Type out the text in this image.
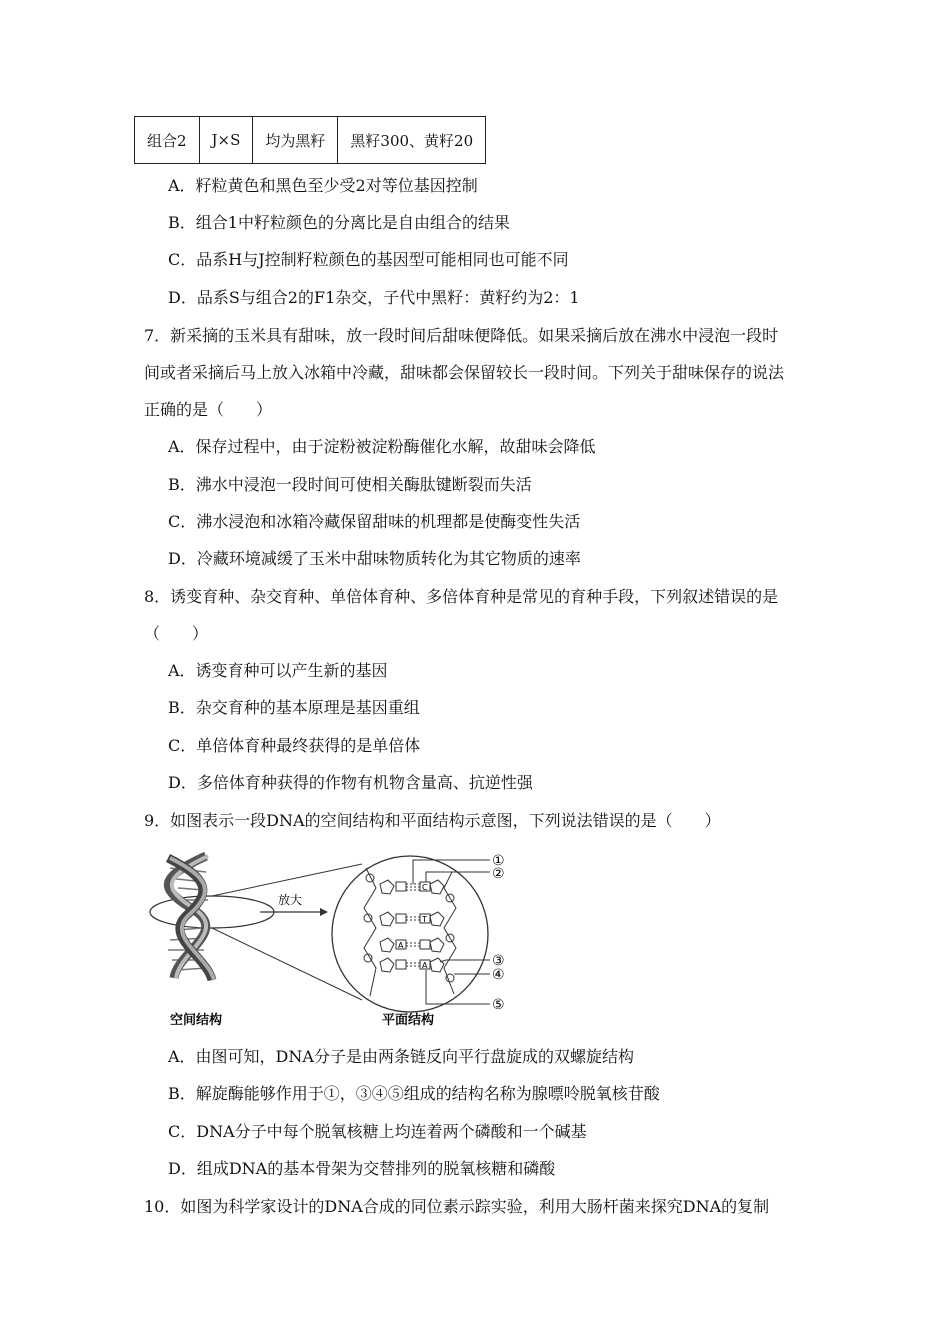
组合2	J×S	均为黑籽	黑籽300、黄籽20
A．籽粒黄色和黑色至少受2对等位基因控制
B．组合1中籽粒颜色的分离比是自由组合的结果
C．品系H与J控制籽粒颜色的基因型可能相同也可能不同
D．品系S与组合2的F1杂交，子代中黑籽：黄籽约为2：1
7．新采摘的玉米具有甜味，放一段时间后甜味便降低。如果采摘后放在沸水中浸泡一段时
间或者采摘后马上放入冰箱中冷藏，甜味都会保留较长一段时间。下列关于甜味保存的说法
正确的是（　　）
A．保存过程中，由于淀粉被淀粉酶催化水解，故甜味会降低
B．沸水中浸泡一段时间可使相关酶肽键断裂而失活
C．沸水浸泡和冰箱冷藏保留甜味的机理都是使酶变性失活
D．冷藏环境减缓了玉米中甜味物质转化为其它物质的速率
8．诱变育种、杂交育种、单倍体育种、多倍体育种是常见的育种手段，下列叙述错误的是
（　　）
A．诱变育种可以产生新的基因
B．杂交育种的基本原理是基因重组
C．单倍体育种最终获得的是单倍体
D．多倍体育种获得的作物有机物含量高、抗逆性强
9．如图表示一段DNA的空间结构和平面结构示意图，下列说法错误的是（　　）
放大
C
T
A
A
①
②
③
④
⑤
空间结构	平面结构
A．由图可知，DNA分子是由两条链反向平行盘旋成的双螺旋结构
B．解旋酶能够作用于①，③④⑤组成的结构名称为腺嘌呤脱氧核苷酸
C．DNA分子中每个脱氧核糖上均连着两个磷酸和一个碱基
D．组成DNA的基本骨架为交替排列的脱氧核糖和磷酸
10．如图为科学家设计的DNA合成的同位素示踪实验，利用大肠杆菌来探究DNA的复制
